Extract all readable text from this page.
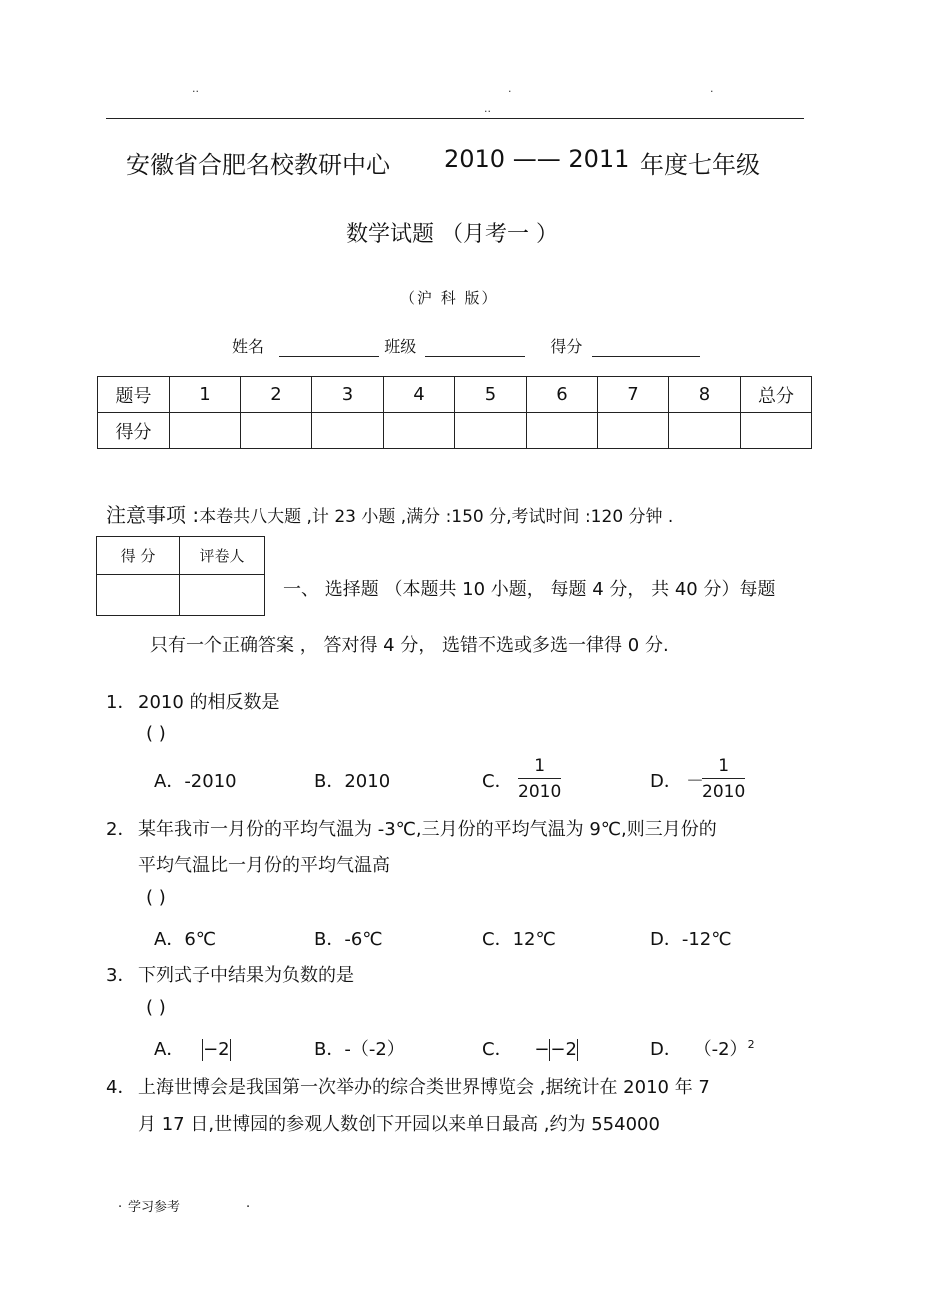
..	.	.
..
安徽省合肥名校教研中心 2010 —— 2011 年度七年级
数学试题 （月考一 ）
（沪 科 版）
姓名	班级	得分
题号	1	2	3	4	5	6	7	8	总分
得分									
注意事项 :本卷共八大题 ,计 23 小题 ,满分 :150 分,考试时间 :120 分钟 .
得 分	评卷人

一、 选择题 （本题共 10 小题， 每题 4 分， 共 40 分）每题
只有一个正确答案 ， 答对得 4 分， 选错不选或多选一律得 0 分.
1． 2010 的相反数是
( )
A．-2010	B．2010	C． $\frac{1}{2010}$	D． －
$\frac{1}{2010}$
2． 某年我市一月份的平均气温为 -3℃,三月份的平均气温为 9℃,则三月份的
平均气温比一月份的平均气温高
( )
A．6℃	B．-6℃	C．12℃	D．-12℃
3． 下列式子中结果为负数的是
( )
A． −2	B．-（-2）	C． −−2	D． $(-2)^2$
4． 上海世博会是我国第一次举办的综合类世界博览会 ,据统计在 2010 年 7
月 17 日,世博园的参观人数创下开园以来单日最高 ,约为 554000
. 学习参考	.
